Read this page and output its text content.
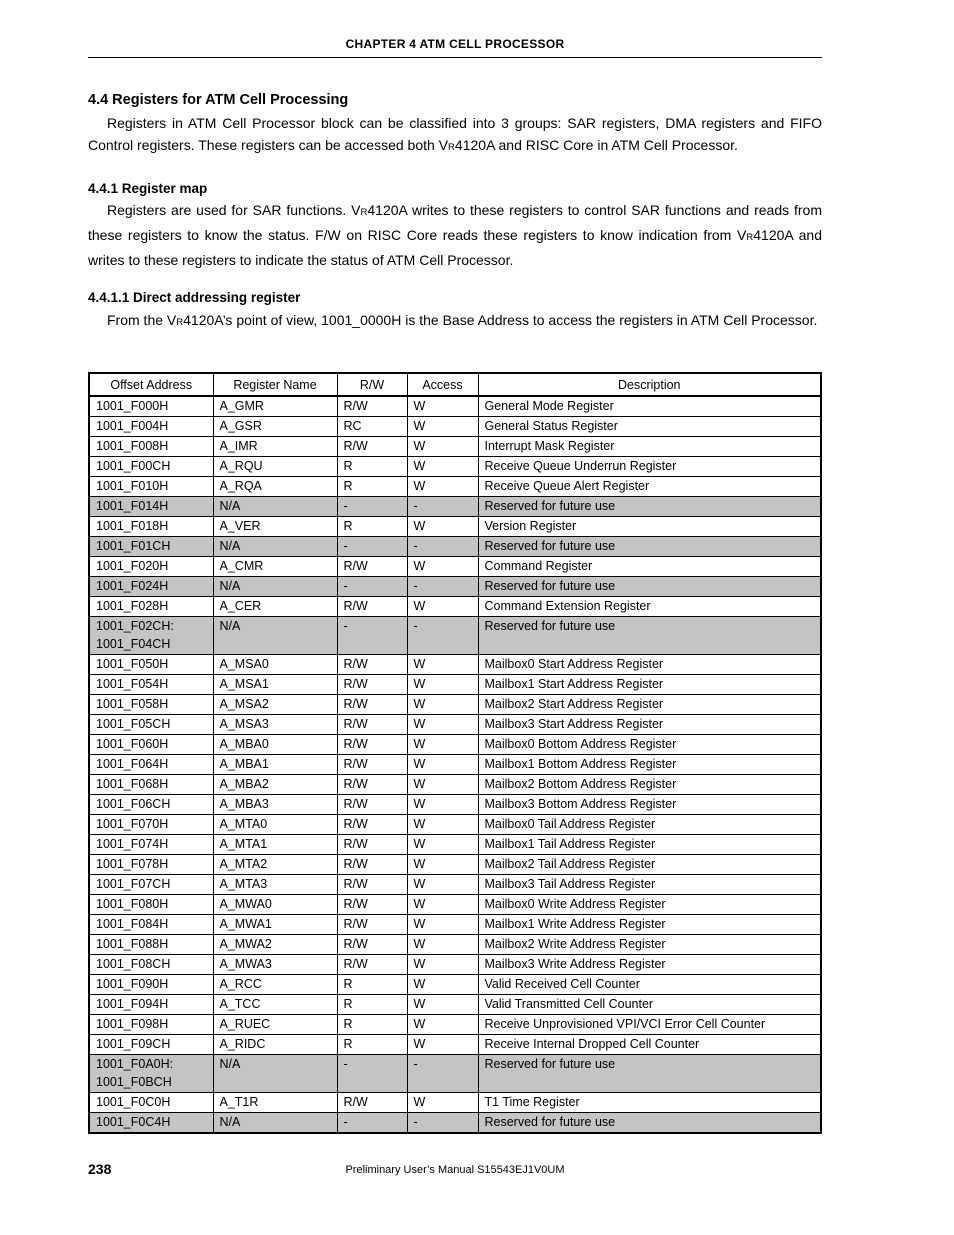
CHAPTER 4 ATM CELL PROCESSOR
4.4 Registers for ATM Cell Processing
Registers in ATM Cell Processor block can be classified into 3 groups: SAR registers, DMA registers and FIFO Control registers. These registers can be accessed both VR4120A and RISC Core in ATM Cell Processor.
4.4.1 Register map
Registers are used for SAR functions. VR4120A writes to these registers to control SAR functions and reads from these registers to know the status. F/W on RISC Core reads these registers to know indication from VR4120A and writes to these registers to indicate the status of ATM Cell Processor.
4.4.1.1 Direct addressing register
From the VR4120A’s point of view, 1001_0000H is the Base Address to access the registers in ATM Cell Processor.
Offset Address	Register Name	R/W	Access	Description

1001_F000H	A_GMR	R/W	W	General Mode Register

1001_F004H	A_GSR	RC	W	General Status Register

1001_F008H	A_IMR	R/W	W	Interrupt Mask Register

1001_F00CH	A_RQU	R	W	Receive Queue Underrun Register

1001_F010H	A_RQA	R	W	Receive Queue Alert Register

1001_F014H	N/A	-	-	Reserved for future use

1001_F018H	A_VER	R	W	Version Register

1001_F01CH	N/A	-	-	Reserved for future use

1001_F020H	A_CMR	R/W	W	Command Register

1001_F024H	N/A	-	-	Reserved for future use

1001_F028H	A_CER	R/W	W	Command Extension Register

1001_F02CH:
1001_F04CH	N/A	-	-	Reserved for future use

1001_F050H	A_MSA0	R/W	W	Mailbox0 Start Address Register

1001_F054H	A_MSA1	R/W	W	Mailbox1 Start Address Register

1001_F058H	A_MSA2	R/W	W	Mailbox2 Start Address Register

1001_F05CH	A_MSA3	R/W	W	Mailbox3 Start Address Register

1001_F060H	A_MBA0	R/W	W	Mailbox0 Bottom Address Register

1001_F064H	A_MBA1	R/W	W	Mailbox1 Bottom Address Register

1001_F068H	A_MBA2	R/W	W	Mailbox2 Bottom Address Register

1001_F06CH	A_MBA3	R/W	W	Mailbox3 Bottom Address Register

1001_F070H	A_MTA0	R/W	W	Mailbox0 Tail Address Register

1001_F074H	A_MTA1	R/W	W	Mailbox1 Tail Address Register

1001_F078H	A_MTA2	R/W	W	Mailbox2 Tail Address Register

1001_F07CH	A_MTA3	R/W	W	Mailbox3 Tail Address Register

1001_F080H	A_MWA0	R/W	W	Mailbox0 Write Address Register

1001_F084H	A_MWA1	R/W	W	Mailbox1 Write Address Register

1001_F088H	A_MWA2	R/W	W	Mailbox2 Write Address Register

1001_F08CH	A_MWA3	R/W	W	Mailbox3 Write Address Register

1001_F090H	A_RCC	R	W	Valid Received Cell Counter

1001_F094H	A_TCC	R	W	Valid Transmitted Cell Counter

1001_F098H	A_RUEC	R	W	Receive Unprovisioned VPI/VCI Error Cell Counter

1001_F09CH	A_RIDC	R	W	Receive Internal Dropped Cell Counter

1001_F0A0H:
1001_F0BCH	N/A	-	-	Reserved for future use

1001_F0C0H	A_T1R	R/W	W	T1 Time Register

1001_F0C4H	N/A	-	-	Reserved for future use
238	Preliminary User’s Manual S15543EJ1V0UM
